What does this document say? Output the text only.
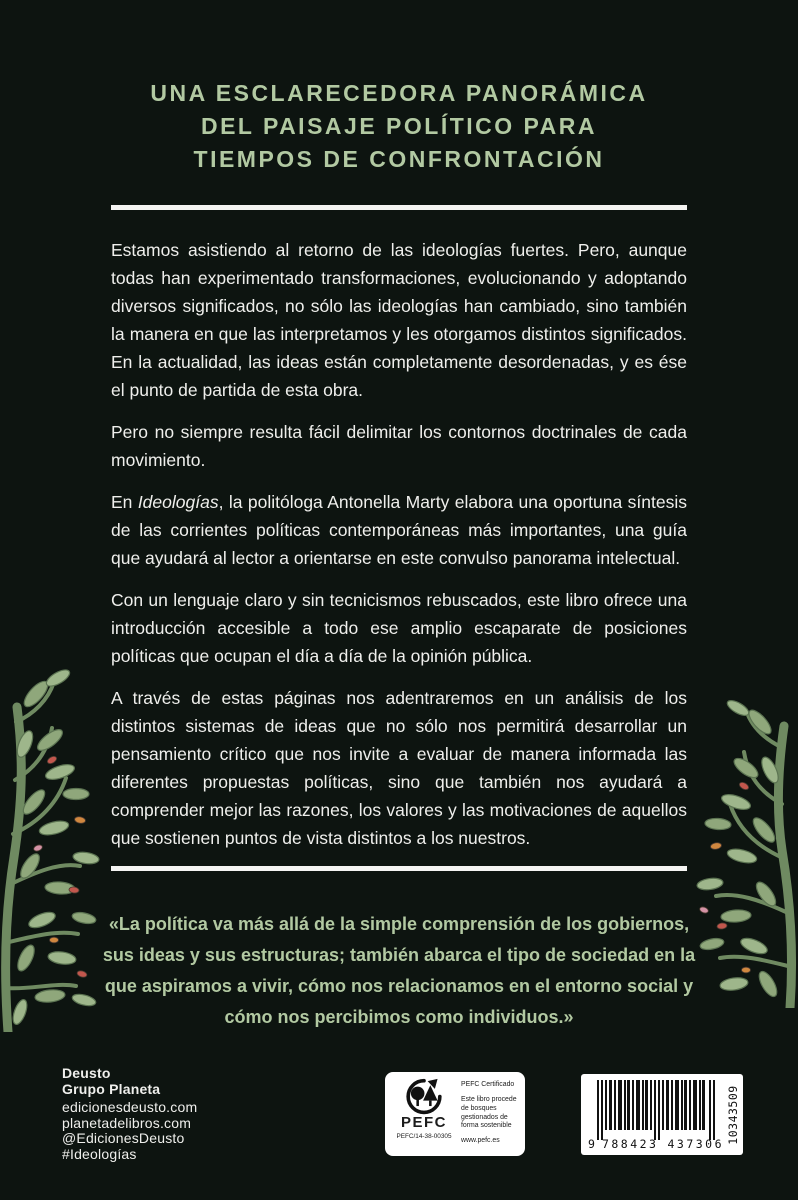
UNA ESCLARECEDORA PANORÁMICA
DEL PAISAJE POLÍTICO PARA
TIEMPOS DE CONFRONTACIÓN

Estamos asistiendo al retorno de las ideologías fuertes. Pero, aunque todas han experimentado transformaciones, evolucionando y adoptando diversos significados, no sólo las ideologías han cambiado, sino también la manera en que las interpretamos y les otorgamos distintos significados. En la actualidad, las ideas están completamente desordenadas, y es ése el punto de partida de esta obra.

Pero no siempre resulta fácil delimitar los contornos doctrinales de cada movimiento.

En Ideologías, la politóloga Antonella Marty elabora una oportuna síntesis de las corrientes políticas contemporáneas más importantes, una guía que ayudará al lector a orientarse en este convulso panorama intelectual.

Con un lenguaje claro y sin tecnicismos rebuscados, este libro ofrece una introducción accesible a todo ese amplio escaparate de posiciones políticas que ocupan el día a día de la opinión pública.

A través de estas páginas nos adentraremos en un análisis de los distintos sistemas de ideas que no sólo nos permitirá desarrollar un pensamiento crítico que nos invite a evaluar de manera informada las diferentes propuestas políticas, sino que también nos ayudará a comprender mejor las razones, los valores y las motivaciones de aquellos que sostienen puntos de vista distintos a los nuestros.

«La política va más allá de la simple comprensión de los gobiernos, sus ideas y sus estructuras; también abarca el tipo de sociedad en la que aspiramos a vivir, cómo nos relacionamos en el entorno social y cómo nos percibimos como individuos.»

Deusto
Grupo Planeta
edicionesdeusto.com
planetadelibros.com
@EdicionesDeusto
#Ideologías
PEFC
PEFC/14-38-00305
PEFC Certificado
Este libro procede de bosques gestionados de forma sostenible
www.pefc.es	9 788423 437306 10343509
